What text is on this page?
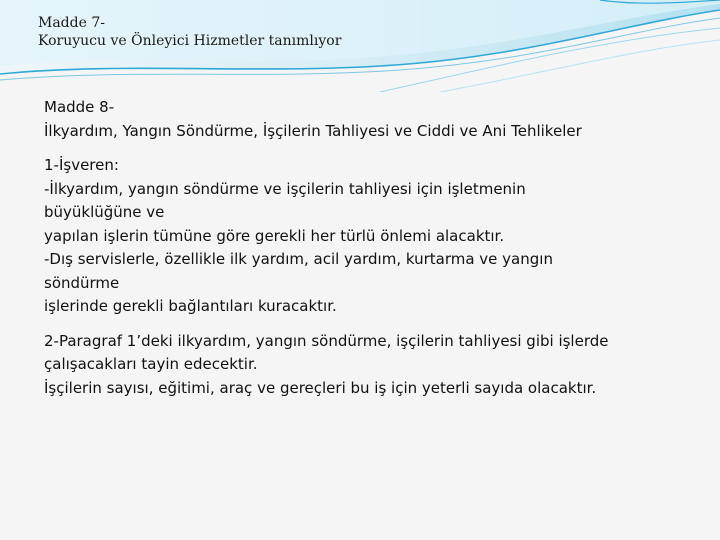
Madde 7-
Koruyucu ve Önleyici Hizmetler tanımlıyor
Madde 8-
İlkyardım, Yangın Söndürme, İşçilerin Tahliyesi ve Ciddi ve Ani Tehlikeler
1-İşveren:
-İlkyardım, yangın söndürme ve işçilerin tahliyesi için işletmenin
büyüklüğüne ve
yapılan işlerin tümüne göre gerekli her türlü önlemi alacaktır.
-Dış servislerle, özellikle ilk yardım, acil yardım, kurtarma ve yangın
söndürme
işlerinde gerekli bağlantıları kuracaktır.
2-Paragraf 1’deki ilkyardım, yangın söndürme, işçilerin tahliyesi gibi işlerde
çalışacakları tayin edecektir.
İşçilerin sayısı, eğitimi, araç ve gereçleri bu iş için yeterli sayıda olacaktır.
